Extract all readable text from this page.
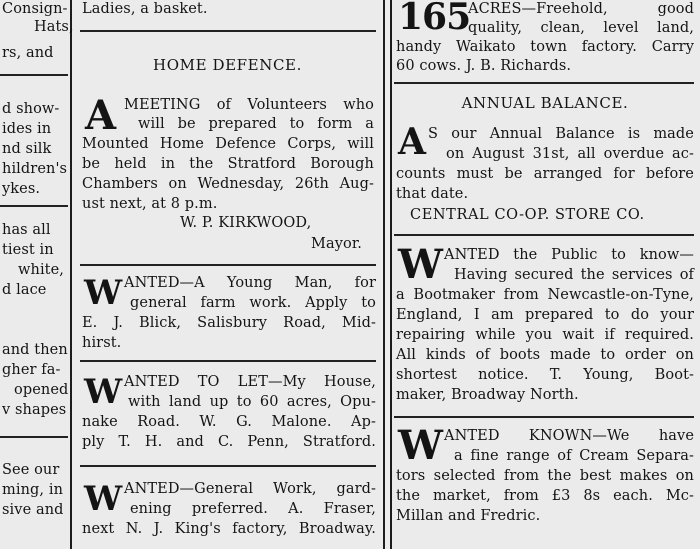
Consign-
Hats,
rs, and
d show-
ides in
nd silk
hildren's
ykes.
has all
tiest in
white,
d lace
and then
gher fa-
opened
v shapes
See our
ming, in
sive and
Ladies, a basket.
HOME DEFENCE.
A MEETING of Volunteers who
will be prepared to form a
Mounted Home Defence Corps, will
be held in the Stratford Borough
Chambers on Wednesday, 26th Aug-
ust next, at 8 p.m.
W. P. KIRKWOOD,
Mayor.
W ANTED—A Young Man, for
general farm work. Apply to
E. J. Blick, Salisbury Road, Mid-
hirst.
W ANTED TO LET—My House,
with land up to 60 acres, Opu-
nake Road. W. G. Malone. Ap-
ply T. H. and C. Penn, Stratford.
W ANTED—General Work, gard-
ening preferred. A. Fraser,
next N. J. King's factory, Broadway.
165
ACRES—Freehold, good
quality, clean, level land,
handy Waikato town factory. Carry
60 cows. J. B. Richards.
ANNUAL BALANCE.
A S our Annual Balance is made
on August 31st, all overdue ac-
counts must be arranged for before
that date.
CENTRAL CO-OP. STORE CO.
W ANTED the Public to know—
Having secured the services of
a Bootmaker from Newcastle-on-Tyne,
England, I am prepared to do your
repairing while you wait if required.
All kinds of boots made to order on
shortest notice. T. Young, Boot-
maker, Broadway North.
W ANTED KNOWN—We have
a fine range of Cream Separa-
tors selected from the best makes on
the market, from £3 8s each. Mc-
Millan and Fredric.
